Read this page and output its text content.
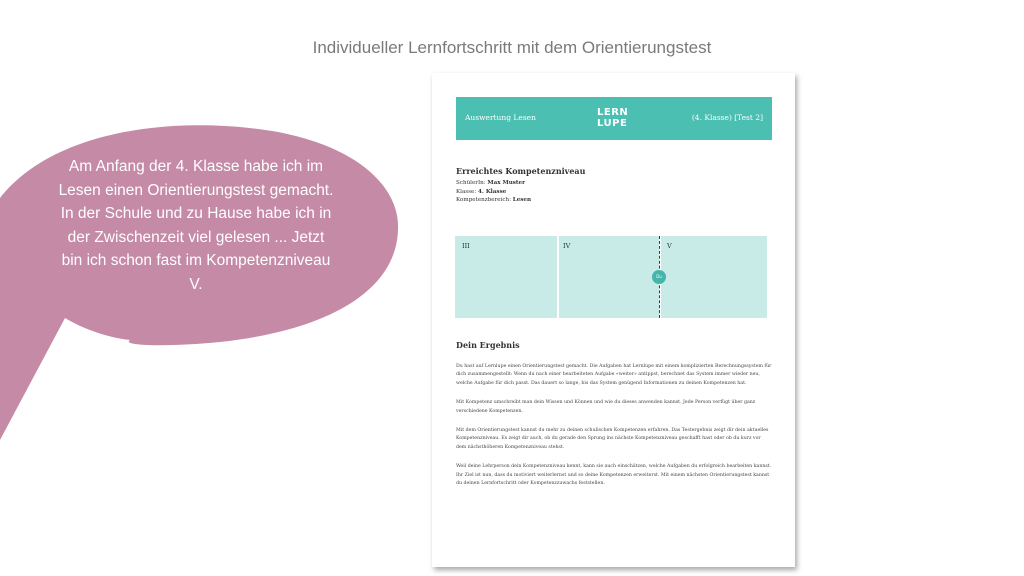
Individueller Lernfortschritt mit dem Orientierungstest
Am Anfang der 4. Klasse habe ich im Lesen einen Orientierungstest gemacht. In der Schule und zu Hause habe ich in der Zwischenzeit viel gelesen ... Jetzt bin ich schon fast im Kompetenzniveau V.
Auswertung Lesen	LERN
LUPE
(4. Klasse) [Test 2]
Erreichtes Kompetenzniveau
SchülerIn: Max Muster
Klasse: 4. Klasse
Kompetenzbereich: Lesen
III	IV	V
Du
Dein Ergebnis

Du hast auf Lernlupe einen Orientierungstest gemacht. Die Aufgaben hat Lernlupe mit einem komplizierten Berechnungssystem für dich zusammengestellt: Wenn du nach einer bearbeiteten Aufgabe «weiter» antippst, berechnet das System immer wieder neu, welche Aufgabe für dich passt. Das dauert so lange, bis das System genügend Informationen zu deinen Kompetenzen hat.

Mit Kompetenz umschreibt man dein Wissen und Können und wie du dieses anwenden kannst. Jede Person verfügt über ganz verschiedene Kompetenzen.

Mit dem Orientierungstest kannst du mehr zu deinen schulischen Kompetenzen erfahren. Das Testergebnis zeigt dir dein aktuelles Kompetenzniveau. Es zeigt dir auch, ob du gerade den Sprung ins nächste Kompetenzniveau geschafft hast oder ob du kurz vor dem nächsthöheren Kompetenzniveau stehst.

Weil deine Lehrperson dein Kompetenzniveau kennt, kann sie auch einschätzen, welche Aufgaben du erfolgreich bearbeiten kannst. Ihr Ziel ist nun, dass du motiviert weiterlernst und so deine Kompetenzen erweiterst. Mit einem nächsten Orientierungstest kannst du deinen Lernfortschritt oder Kompetenzzuwachs feststellen.
